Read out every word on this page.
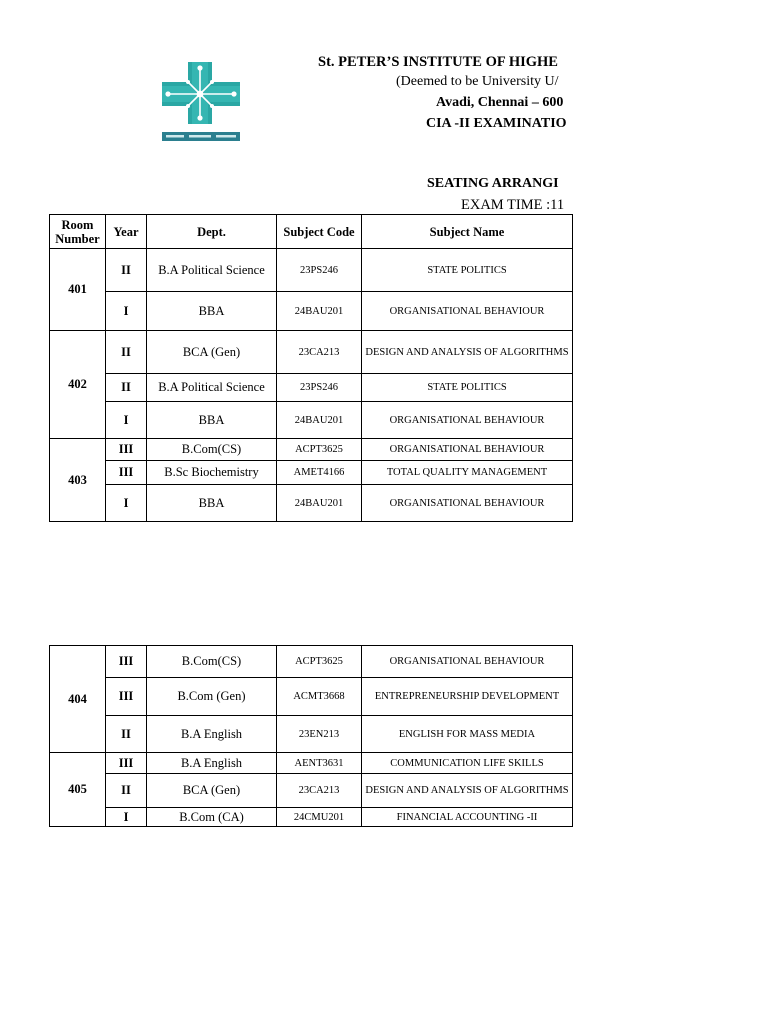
St. PETER’S INSTITUTE OF HIGHE
(Deemed to be University U/
Avadi, Chennai – 600
CIA -II EXAMINATIO
SEATING ARRANGI
EXAM TIME :11
Room Number	Year	Dept.	Subject Code	Subject Name
401	II	B.A Political Science	23PS246	STATE POLITICS
	I	BBA	24BAU201	ORGANISATIONAL BEHAVIOUR
402	II	BCA (Gen)	23CA213	DESIGN AND ANALYSIS OF ALGORITHMS
	II	B.A Political Science	23PS246	STATE POLITICS
	I	BBA	24BAU201	ORGANISATIONAL BEHAVIOUR
403	III	B.Com(CS)	ACPT3625	ORGANISATIONAL BEHAVIOUR
	III	B.Sc Biochemistry	AMET4166	TOTAL QUALITY MANAGEMENT
	I	BBA	24BAU201	ORGANISATIONAL BEHAVIOUR
404	III	B.Com(CS)	ACPT3625	ORGANISATIONAL BEHAVIOUR
	III	B.Com (Gen)	ACMT3668	ENTREPRENEURSHIP DEVELOPMENT
	II	B.A English	23EN213	ENGLISH FOR MASS MEDIA
405	III	B.A English	AENT3631	COMMUNICATION LIFE SKILLS
	II	BCA (Gen)	23CA213	DESIGN AND ANALYSIS OF ALGORITHMS
	I	B.Com (CA)	24CMU201	FINANCIAL ACCOUNTING -II
